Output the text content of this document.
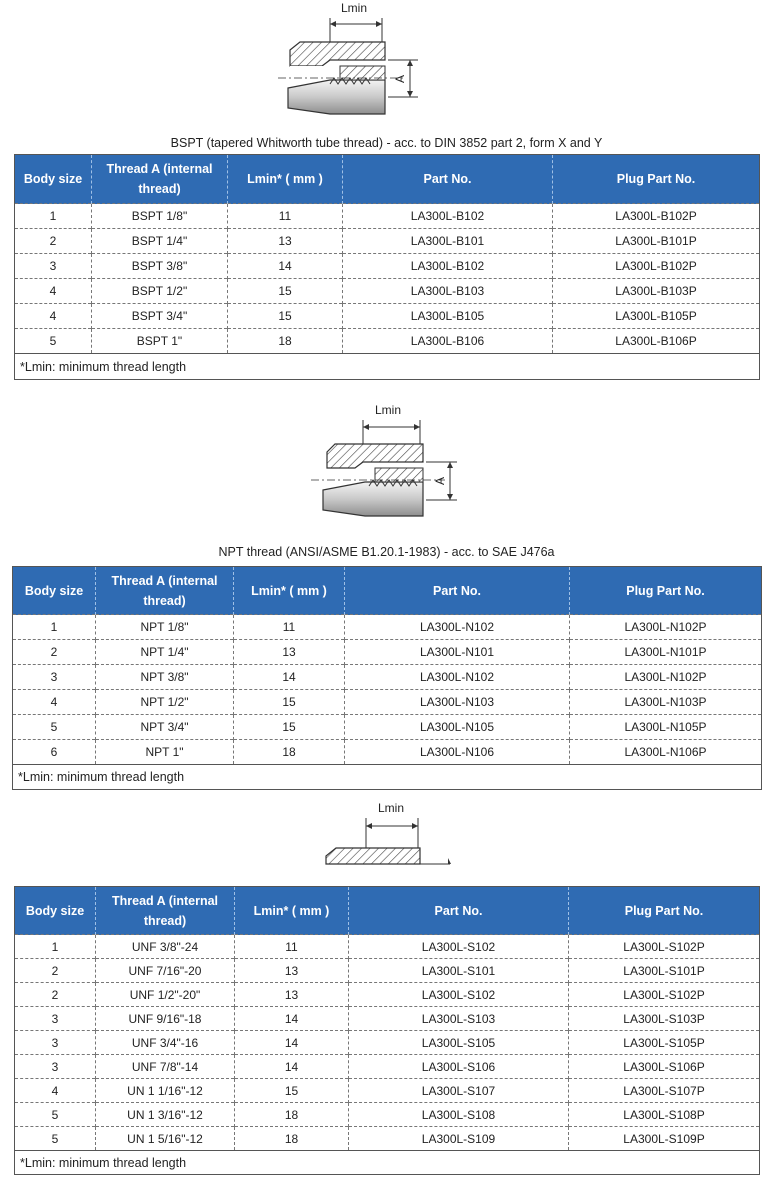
Lmin
A
BSPT (tapered Whitworth tube thread) - acc. to DIN 3852 part 2, form X and Y
Body size	Thread A (internal thread)	Lmin* ( mm )	Part No.	Plug Part No.
1	BSPT 1/8"	11	LA300L-B102	LA300L-B102P
2	BSPT 1/4"	13	LA300L-B101	LA300L-B101P
3	BSPT 3/8"	14	LA300L-B102	LA300L-B102P
4	BSPT 1/2"	15	LA300L-B103	LA300L-B103P
4	BSPT 3/4"	15	LA300L-B105	LA300L-B105P
5	BSPT 1"	18	LA300L-B106	LA300L-B106P
*Lmin: minimum thread length				
Lmin
A
NPT thread (ANSI/ASME B1.20.1-1983) - acc. to SAE J476a
Body size	Thread A (internal thread)	Lmin* ( mm )	Part No.	Plug Part No.
1	NPT 1/8"	11	LA300L-N102	LA300L-N102P
2	NPT 1/4"	13	LA300L-N101	LA300L-N101P
3	NPT 3/8"	14	LA300L-N102	LA300L-N102P
4	NPT 1/2"	15	LA300L-N103	LA300L-N103P
5	NPT 3/4"	15	LA300L-N105	LA300L-N105P
6	NPT 1"	18	LA300L-N106	LA300L-N106P
*Lmin: minimum thread length				
Lmin
Body size	Thread A (internal thread)	Lmin* ( mm )	Part No.	Plug Part No.
1	UNF 3/8"-24	11	LA300L-S102	LA300L-S102P
2	UNF 7/16"-20	13	LA300L-S101	LA300L-S101P
2	UNF 1/2"-20"	13	LA300L-S102	LA300L-S102P
3	UNF 9/16"-18	14	LA300L-S103	LA300L-S103P
3	UNF 3/4"-16	14	LA300L-S105	LA300L-S105P
3	UNF 7/8"-14	14	LA300L-S106	LA300L-S106P
4	UN 1 1/16"-12	15	LA300L-S107	LA300L-S107P
5	UN 1 3/16"-12	18	LA300L-S108	LA300L-S108P
5	UN 1 5/16"-12	18	LA300L-S109	LA300L-S109P
*Lmin: minimum thread length				
